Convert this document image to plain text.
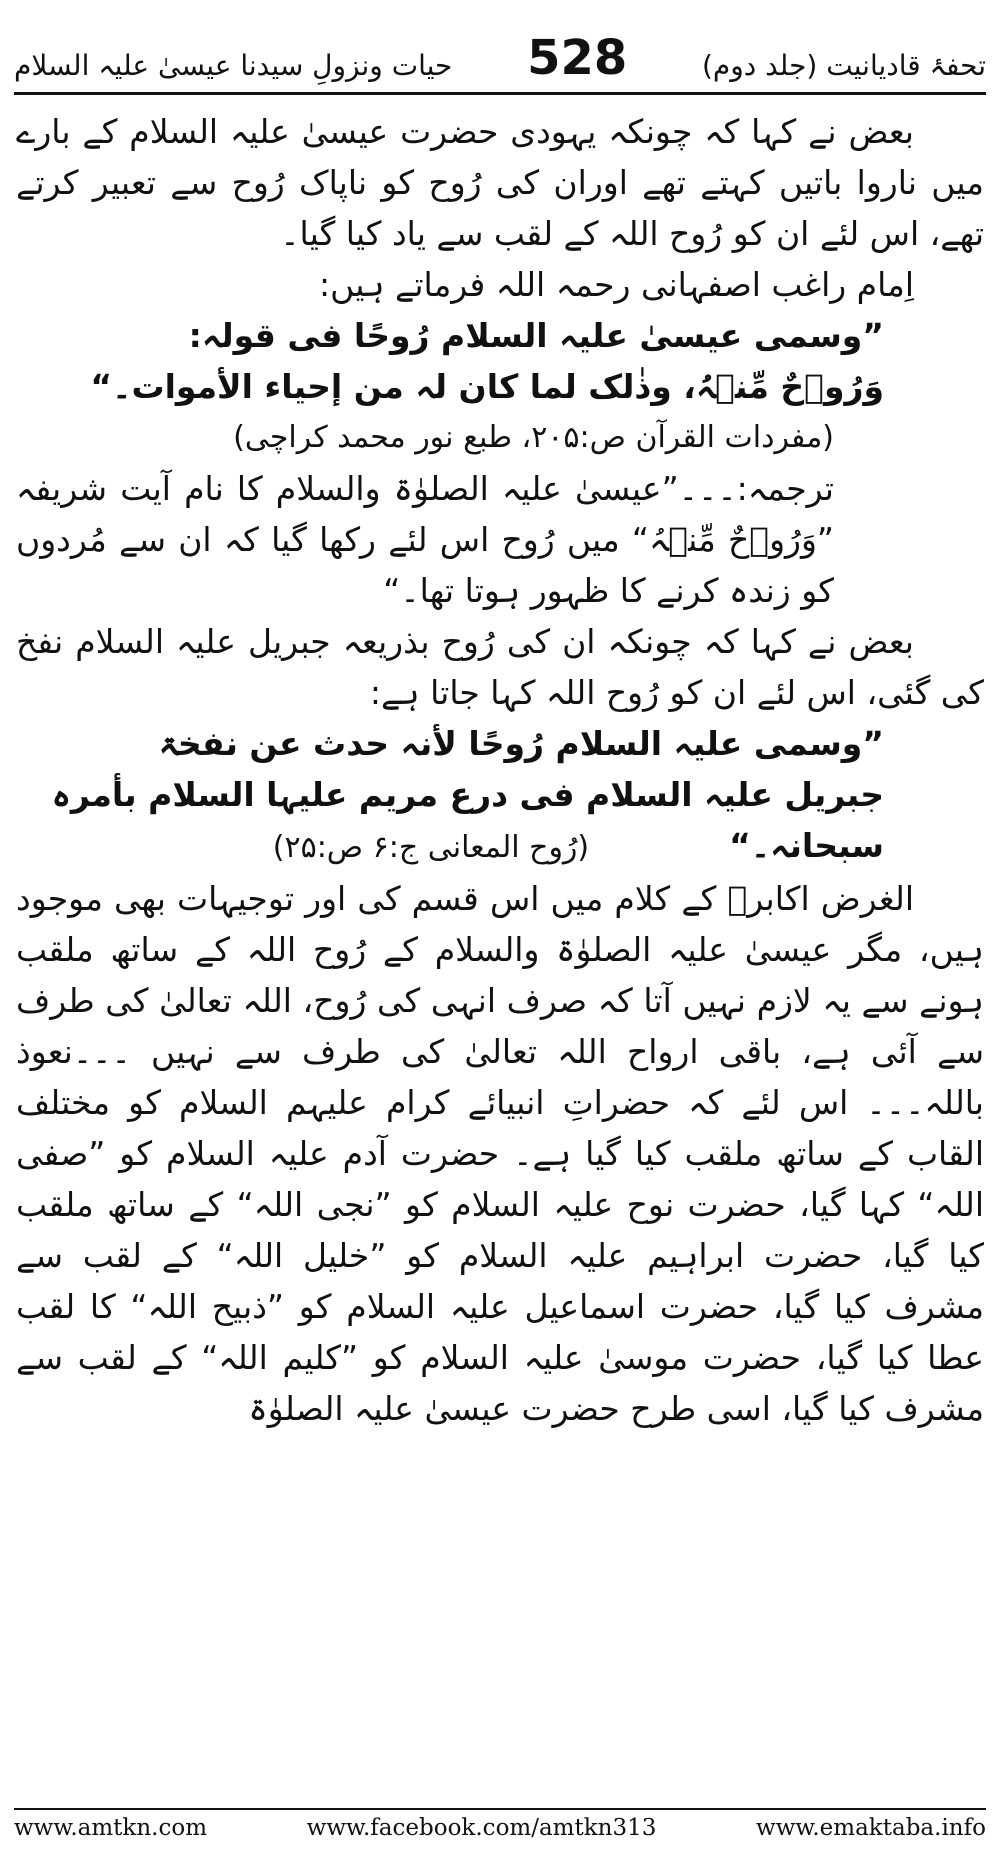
تحفۂ قادیانیت (جلد دوم)
528
حیات ونزولِ سیدنا عیسیٰ علیہ السلام

بعض نے کہا کہ چونکہ یہودی حضرت عیسیٰ علیہ السلام کے بارے میں ناروا باتیں کہتے تھے اوران کی رُوح کو ناپاک رُوح سے تعبیر کرتے تھے، اس لئے ان کو رُوح اللہ کے لقب سے یاد کیا گیا۔

اِمام راغب اصفہانی رحمہ اللہ فرماتے ہیں:

”وسمی عیسیٰ علیہ السلام رُوحًا فی قولہ:

وَرُوۡحٌ مِّنۡہُ، وذٰلک لما کان لہ من إحیاء الأموات۔“

(مفردات القرآن ص:۲۰۵، طبع نور محمد کراچی)

ترجمہ:۔۔۔”عیسیٰ علیہ الصلوٰۃ والسلام کا نام آیت شریفہ ”وَرُوۡحٌ مِّنۡہُ“ میں رُوح اس لئے رکھا گیا کہ ان سے مُردوں کو زندہ کرنے کا ظہور ہوتا تھا۔“

بعض نے کہا کہ چونکہ ان کی رُوح بذریعہ جبریل علیہ السلام نفخ کی گئی، اس لئے ان کو رُوح اللہ کہا جاتا ہے:

”وسمی علیہ السلام رُوحًا لأنہ حدث عن نفخۃ

جبریل علیہ السلام فی درع مریم علیہا السلام بأمرہ

سبحانہ۔“(رُوح المعانی ج:۶ ص:۲۵)

الغرض اکابرؒ کے کلام میں اس قسم کی اور توجیہات بھی موجود ہیں، مگر عیسیٰ علیہ الصلوٰۃ والسلام کے رُوح اللہ کے ساتھ ملقب ہونے سے یہ لازم نہیں آتا کہ صرف انہی کی رُوح، اللہ تعالیٰ کی طرف سے آئی ہے، باقی ارواح اللہ تعالیٰ کی طرف سے نہیں ۔۔۔نعوذ باللہ۔۔۔ اس لئے کہ حضراتِ انبیائے کرام علیہم السلام کو مختلف القاب کے ساتھ ملقب کیا گیا ہے۔ حضرت آدم علیہ السلام کو ”صفی اللہ“ کہا گیا، حضرت نوح علیہ السلام کو ”نجی اللہ“ کے ساتھ ملقب کیا گیا، حضرت ابراہیم علیہ السلام کو ”خلیل اللہ“ کے لقب سے مشرف کیا گیا، حضرت اسماعیل علیہ السلام کو ”ذبیح اللہ“ کا لقب عطا کیا گیا، حضرت موسیٰ علیہ السلام کو ”کلیم اللہ“ کے لقب سے مشرف کیا گیا، اسی طرح حضرت عیسیٰ علیہ الصلوٰۃ

www.amtkn.com	www.facebook.com/amtkn313	www.emaktaba.info
